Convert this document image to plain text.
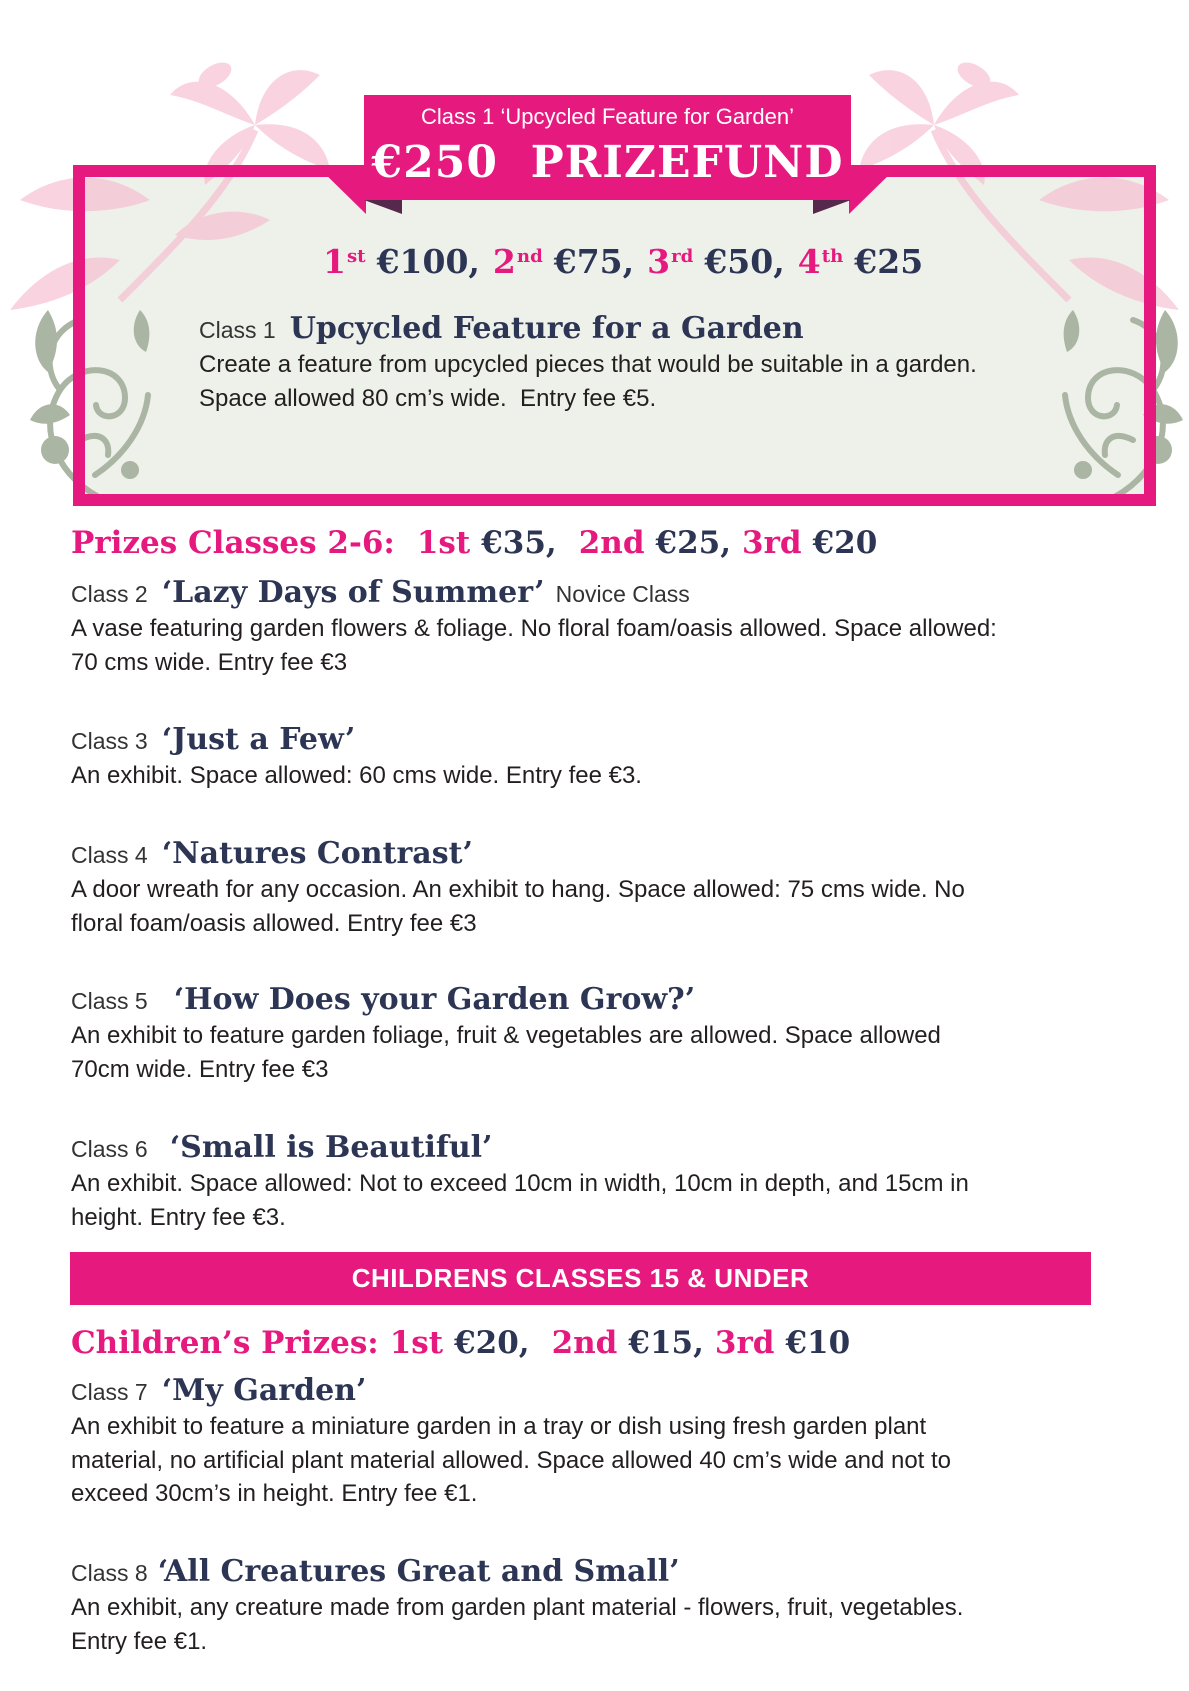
Class 1 ‘Upcycled Feature for Garden’
€250  PRIZEFUND
1st €100, 2nd €75, 3rd €50, 4th €25
Class 1 Upcycled Feature for a Garden
Create a feature from upcycled pieces that would be suitable in a garden.
Space allowed 80 cm’s wide.  Entry fee €5.
Prizes Classes 2-6: 1st €35, 2nd €25, 3rd €20
Class 2 ‘Lazy Days of Summer’ Novice Class
A vase featuring garden flowers & foliage. No floral foam/oasis allowed. Space allowed:
70 cms wide. Entry fee €3
Class 3 ‘Just a Few’
An exhibit. Space allowed: 60 cms wide. Entry fee €3.
Class 4 ‘Natures Contrast’
A door wreath for any occasion. An exhibit to hang. Space allowed: 75 cms wide. No
floral foam/oasis allowed. Entry fee €3
Class 5 ‘How Does your Garden Grow?’
An exhibit to feature garden foliage, fruit & vegetables are allowed. Space allowed
70cm wide. Entry fee €3
Class 6 ‘Small is Beautiful’
An exhibit. Space allowed: Not to exceed 10cm in width, 10cm in depth, and 15cm in
height. Entry fee €3.
CHILDRENS CLASSES 15 & UNDER
Children’s Prizes: 1st €20, 2nd €15, 3rd €10
Class 7 ‘My Garden’
An exhibit to feature a miniature garden in a tray or dish using fresh garden plant
material, no artificial plant material allowed. Space allowed 40 cm’s wide and not to
exceed 30cm’s in height. Entry fee €1.
Class 8 ‘All Creatures Great and Small’
An exhibit, any creature made from garden plant material - flowers, fruit, vegetables.
Entry fee €1.
